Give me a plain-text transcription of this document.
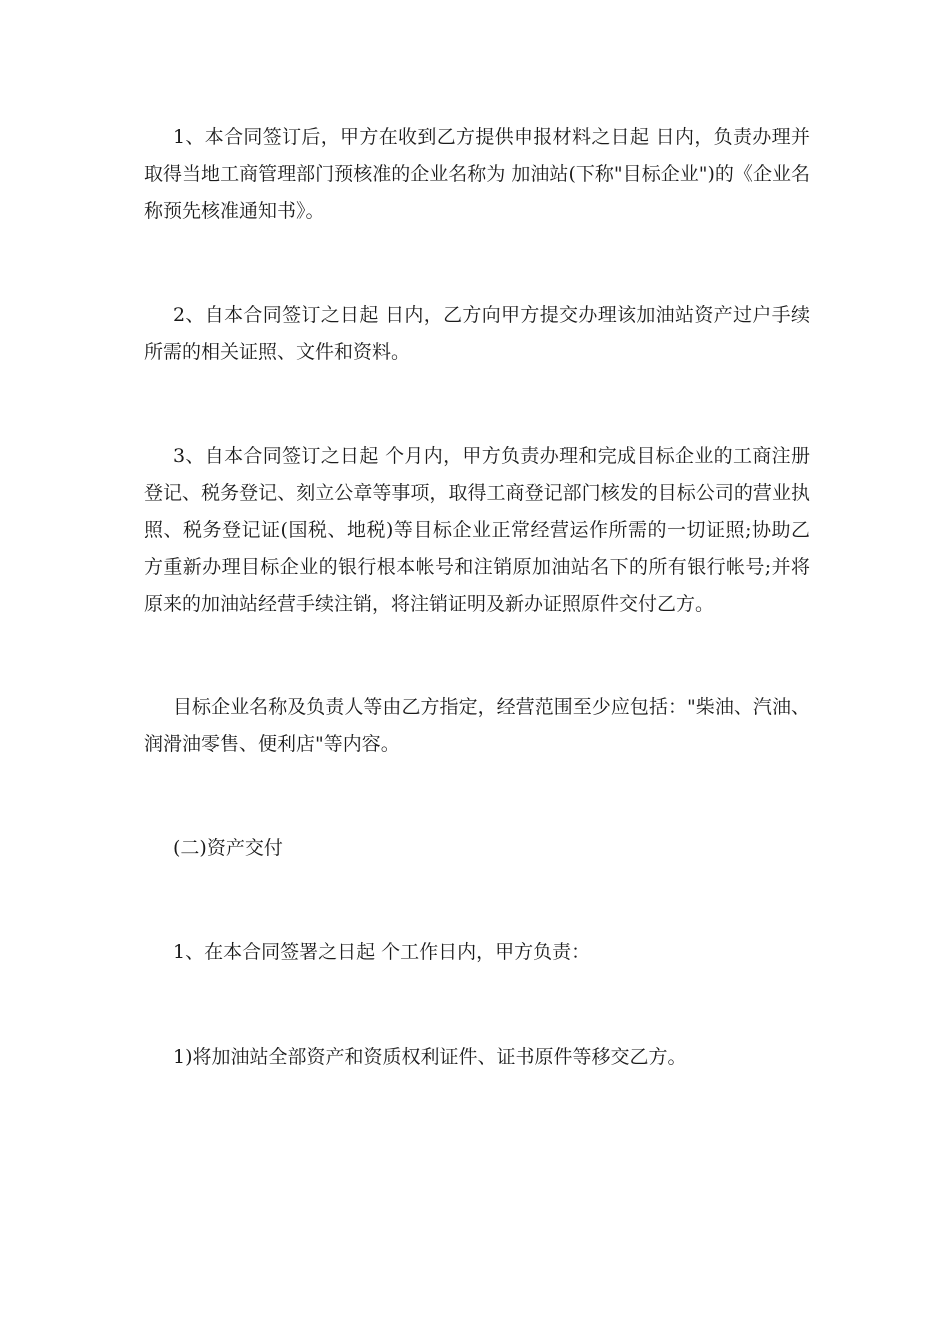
1、本合同签订后，甲方在收到乙方提供申报材料之日起 日内，负责办理并取得当地工商管理部门预核准的企业名称为 加油站(下称"目标企业")的《企业名称预先核准通知书》。

2、自本合同签订之日起 日内，乙方向甲方提交办理该加油站资产过户手续所需的相关证照、文件和资料。

3、自本合同签订之日起 个月内，甲方负责办理和完成目标企业的工商注册登记、税务登记、刻立公章等事项，取得工商登记部门核发的目标公司的营业执照、税务登记证(国税、地税)等目标企业正常经营运作所需的一切证照;协助乙方重新办理目标企业的银行根本帐号和注销原加油站名下的所有银行帐号;并将原来的加油站经营手续注销，将注销证明及新办证照原件交付乙方。

目标企业名称及负责人等由乙方指定，经营范围至少应包括："柴油、汽油、润滑油零售、便利店"等内容。

(二)资产交付

1、在本合同签署之日起 个工作日内，甲方负责：

1)将加油站全部资产和资质权利证件、证书原件等移交乙方。
